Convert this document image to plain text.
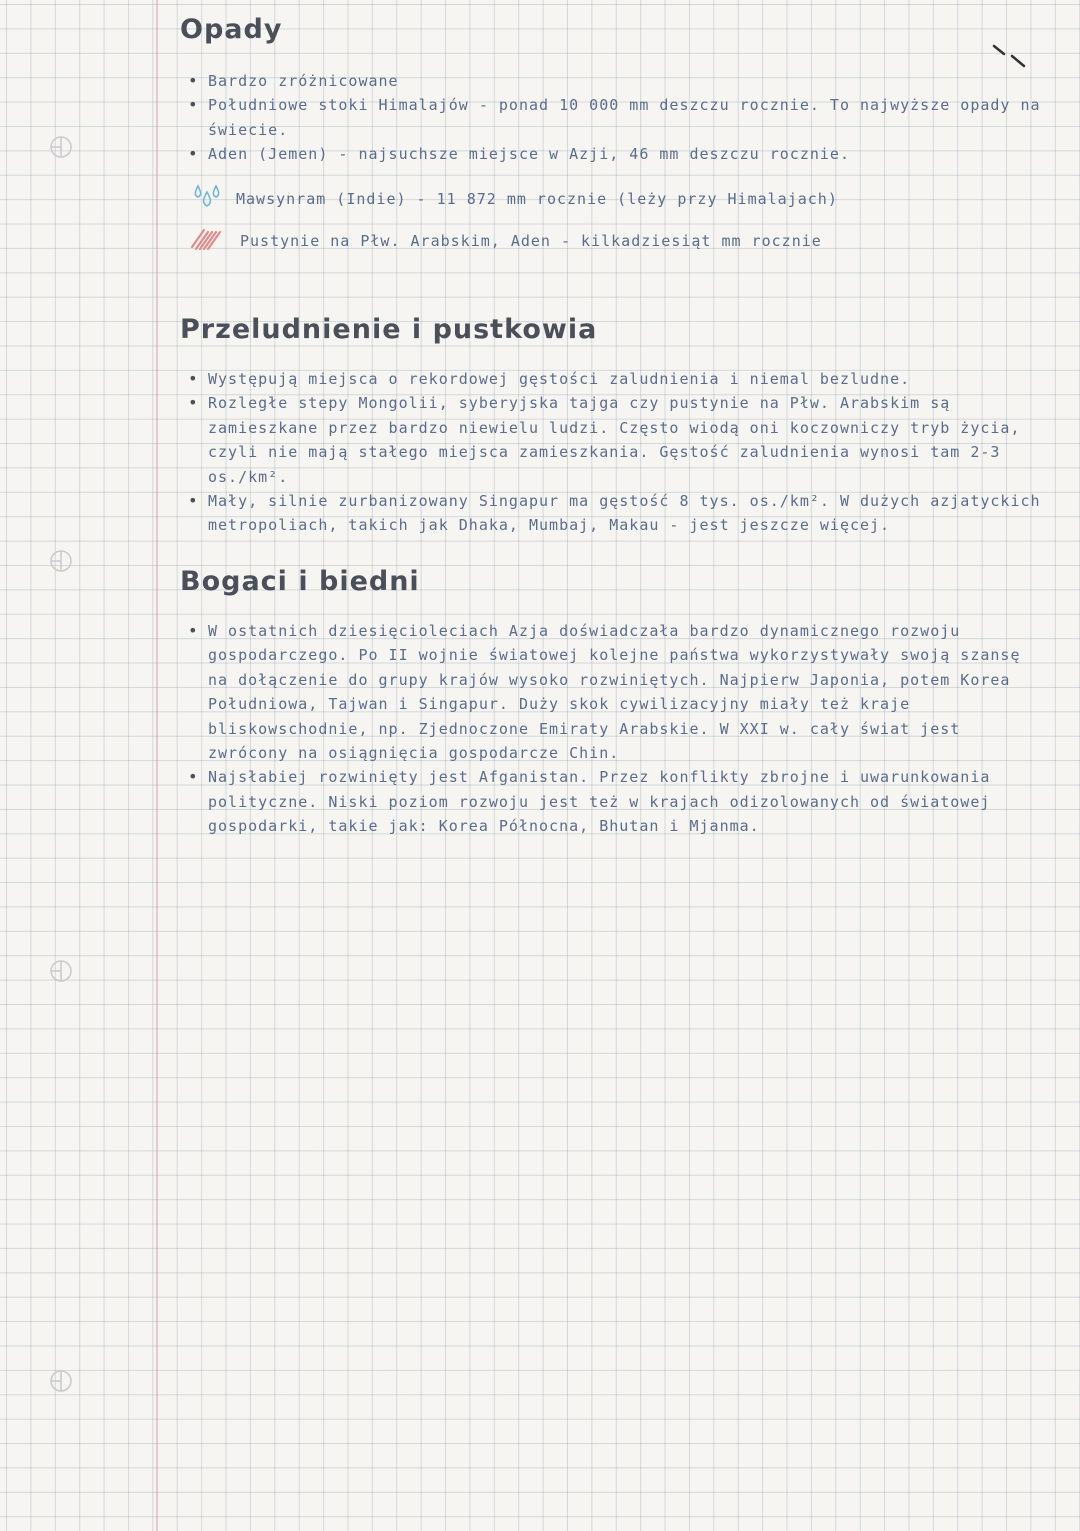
Opady
• Bardzo zróżnicowane
• Południowe stoki Himalajów - ponad 10 000 mm deszczu rocznie. To najwyższe opady na świecie.
• Aden (Jemen) - najsuchsze miejsce w Azji, 46 mm deszczu rocznie.
Mawsynram (Indie) - 11 872 mm rocznie (leży przy Himalajach)
Pustynie na Płw. Arabskim, Aden - kilkadziesiąt mm rocznie
Przeludnienie i pustkowia
• Występują miejsca o rekordowej gęstości zaludnienia i niemal bezludne.
• Rozległe stepy Mongolii, syberyjska tajga czy pustynie na Płw. Arabskim są zamieszkane przez bardzo niewielu ludzi. Często wiodą oni koczowniczy tryb życia, czyli nie mają stałego miejsca zamieszkania. Gęstość zaludnienia wynosi tam 2-3 os./km².
• Mały, silnie zurbanizowany Singapur ma gęstość 8 tys. os./km². W dużych azjatyckich metropoliach, takich jak Dhaka, Mumbaj, Makau - jest jeszcze więcej.
Bogaci i biedni
• W ostatnich dziesięcioleciach Azja doświadczała bardzo dynamicznego rozwoju gospodarczego. Po II wojnie światowej kolejne państwa wykorzystywały swoją szansę na dołączenie do grupy krajów wysoko rozwiniętych. Najpierw Japonia, potem Korea Południowa, Tajwan i Singapur. Duży skok cywilizacyjny miały też kraje bliskowschodnie, np. Zjednoczone Emiraty Arabskie. W XXI w. cały świat jest zwrócony na osiągnięcia gospodarcze Chin.
• Najsłabiej rozwinięty jest Afganistan. Przez konflikty zbrojne i uwarunkowania polityczne. Niski poziom rozwoju jest też w krajach odizolowanych od światowej gospodarki, takie jak: Korea Północna, Bhutan i Mjanma.
